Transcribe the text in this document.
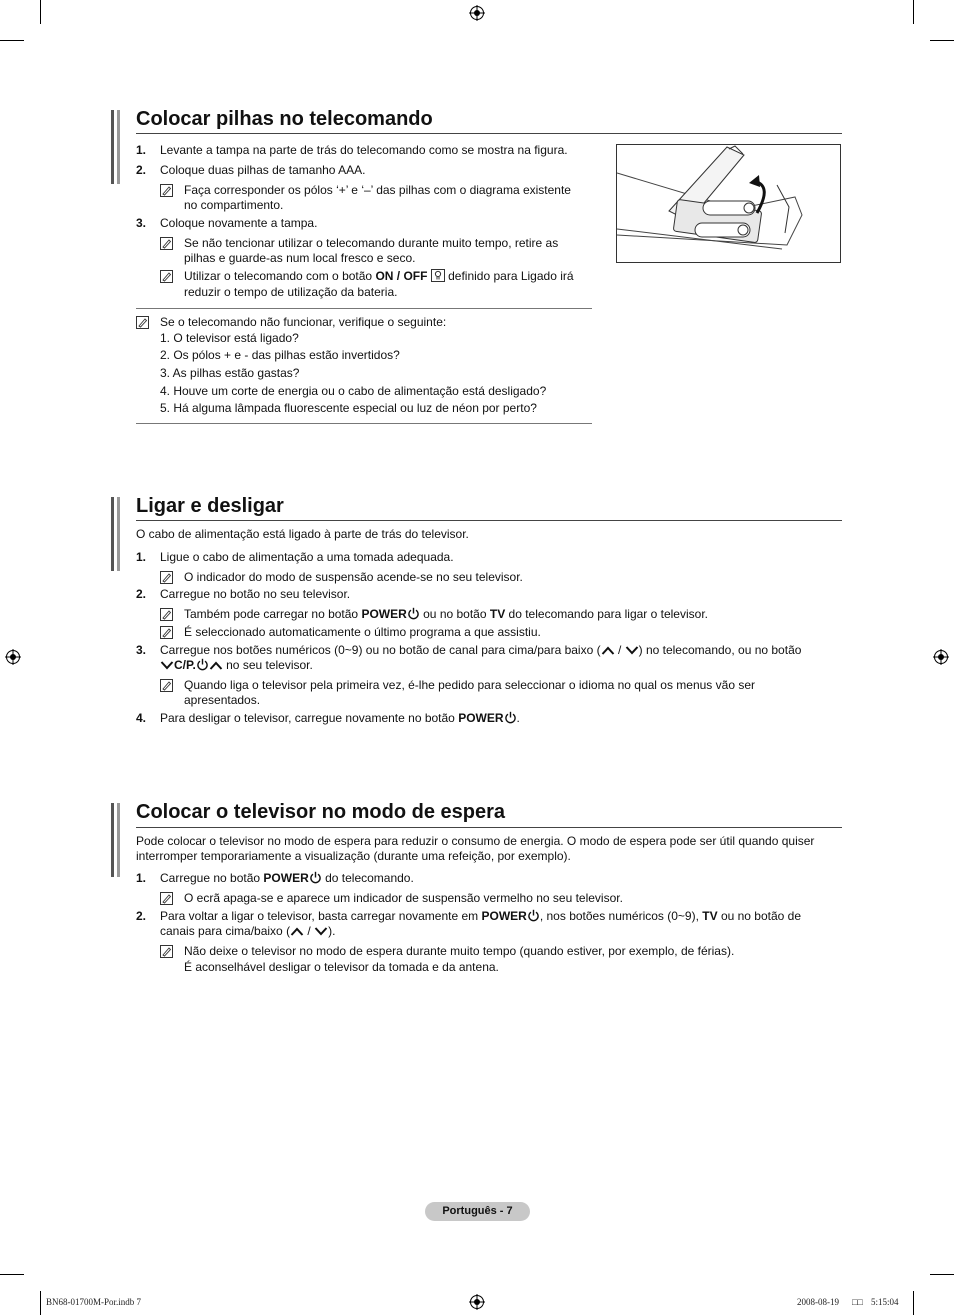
Colocar pilhas no telecomando
1. Levante a tampa na parte de trás do telecomando como se mostra na figura.
2. Coloque duas pilhas de tamanho AAA.
Faça corresponder os pólos ‘+’ e ‘–’ das pilhas com o diagrama existente
no compartimento.
3. Coloque novamente a tampa.
Se não tencionar utilizar o telecomando durante muito tempo, retire as
pilhas e guarde-as num local fresco e seco.
Utilizar o telecomando com o botão ON / OFF  definido para Ligado irá
reduzir o tempo de utilização da bateria.
Se o telecomando não funcionar, verifique o seguinte:
1. O televisor está ligado?
2. Os pólos + e - das pilhas estão invertidos?
3. As pilhas estão gastas?
4. Houve um corte de energia ou o cabo de alimentação está desligado?
5. Há alguma lâmpada fluorescente especial ou luz de néon por perto?
Ligar e desligar
O cabo de alimentação está ligado à parte de trás do televisor.
1. Ligue o cabo de alimentação a uma tomada adequada.
O indicador do modo de suspensão acende-se no seu televisor.
2. Carregue no botão no seu televisor.
Também pode carregar no botão POWER ou no botão TV do telecomando para ligar o televisor.
É seleccionado automaticamente o último programa a que assistiu.
3. Carregue nos botões numéricos (0~9) ou no botão de canal para cima/para baixo ( / ) no telecomando, ou no botão
C/P. no seu televisor.
Quando liga o televisor pela primeira vez, é-lhe pedido para seleccionar o idioma no qual os menus vão ser
apresentados.
4. Para desligar o televisor, carregue novamente no botão POWER .
Colocar o televisor no modo de espera
Pode colocar o televisor no modo de espera para reduzir o consumo de energia. O modo de espera pode ser útil quando quiser
interromper temporariamente a visualização (durante uma refeição, por exemplo).
1. Carregue no botão POWER do telecomando.
O ecrã apaga-se e aparece um indicador de suspensão vermelho no seu televisor.
2. Para voltar a ligar o televisor, basta carregar novamente em POWER , nos botões numéricos (0~9), TV ou no botão de
canais para cima/baixo ( / ).
Não deixe o televisor no modo de espera durante muito tempo (quando estiver, por exemplo, de férias).
É aconselhável desligar o televisor da tomada e da antena.
Português - 7
BN68-01700M-Por.indb 7	2008-08-19 □□ 5:15:04
